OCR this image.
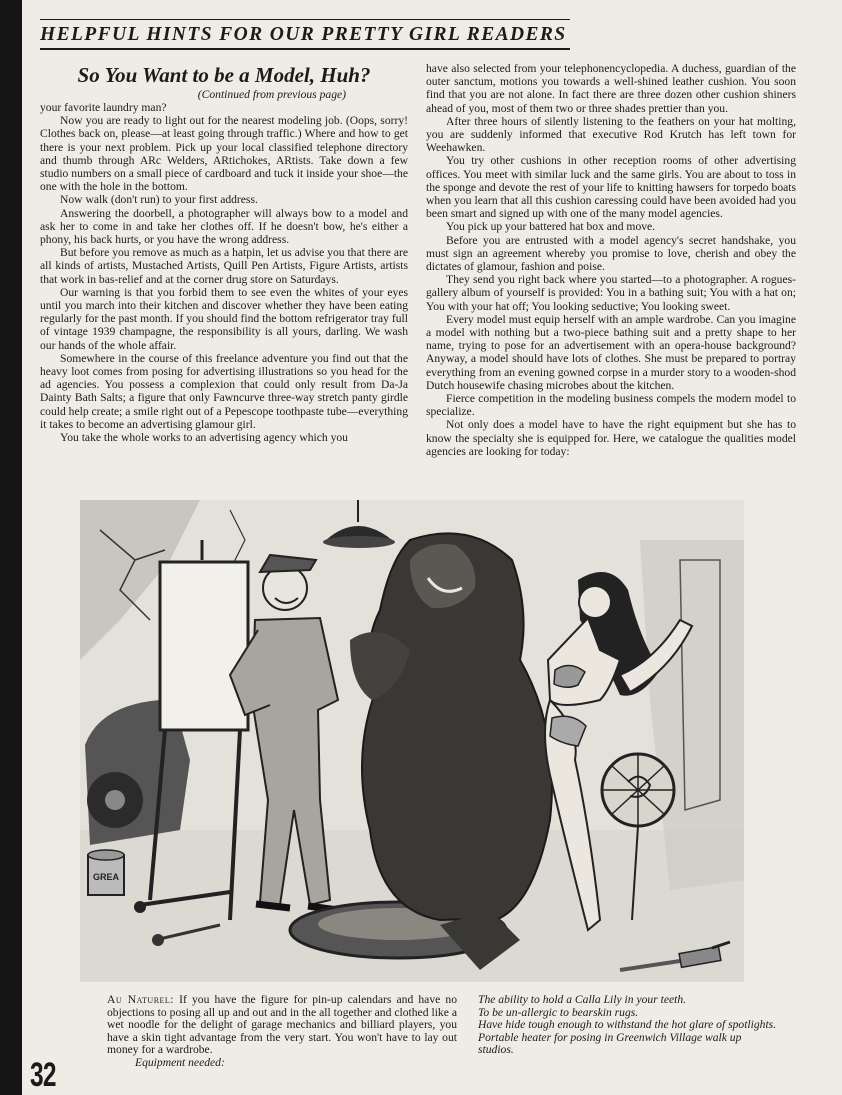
HELPFUL HINTS FOR OUR PRETTY GIRL READERS
So You Want to be a Model, Huh?
(Continued from previous page)

your favorite laundry man?

Now you are ready to light out for the nearest modeling job. (Oops, sorry! Clothes back on, please—at least going through traffic.) Where and how to get there is your next problem. Pick up your local classified telephone directory and thumb through ARc Welders, ARtichokes, ARtists. Take down a few studio numbers on a small piece of cardboard and tuck it inside your shoe—the one with the hole in the bottom.

Now walk (don't run) to your first address.

Answering the doorbell, a photographer will always bow to a model and ask her to come in and take her clothes off. If he doesn't bow, he's either a phony, his back hurts, or you have the wrong address.

But before you remove as much as a hatpin, let us advise you that there are all kinds of artists, Mustached Artists, Quill Pen Artists, Figure Artists, artists that work in bas-relief and at the corner drug store on Saturdays.

Our warning is that you forbid them to see even the whites of your eyes until you march into their kitchen and discover whether they have been eating regularly for the past month. If you should find the bottom refrigerator tray full of vintage 1939 champagne, the responsibility is all yours, darling. We wash our hands of the whole affair.

Somewhere in the course of this freelance adventure you find out that the heavy loot comes from posing for advertising illustrations so you head for the ad agencies. You possess a complexion that could only result from Da-Ja Dainty Bath Salts; a figure that only Fawncurve three-way stretch panty girdle could help create; a smile right out of a Pepescope toothpaste tube—everything it takes to become an advertising glamour girl.

You take the whole works to an advertising agency which you

have also selected from your telephonencyclopedia. A duchess, guardian of the outer sanctum, motions you towards a well-shined leather cushion. You soon find that you are not alone. In fact there are three dozen other cushion shiners ahead of you, most of them two or three shades prettier than you.

After three hours of silently listening to the feathers on your hat molting, you are suddenly informed that executive Rod Krutch has left town for Weehawken.

You try other cushions in other reception rooms of other advertising offices. You meet with similar luck and the same girls. You are about to toss in the sponge and devote the rest of your life to knitting hawsers for torpedo boats when you learn that all this cushion caressing could have been avoided had you been smart and signed up with one of the many model agencies.

You pick up your battered hat box and move.

Before you are entrusted with a model agency's secret handshake, you must sign an agreement whereby you promise to love, cherish and obey the dictates of glamour, fashion and poise.

They send you right back where you started—to a photographer. A rogues-gallery album of yourself is provided: You in a bathing suit; You with a hat on; You with your hat off; You looking seductive; You looking sweet.

Every model must equip herself with an ample wardrobe. Can you imagine a model with nothing but a two-piece bathing suit and a pretty shape to her name, trying to pose for an advertisement with an opera-house background? Anyway, a model should have lots of clothes. She must be prepared to portray everything from an evening gowned corpse in a murder story to a wooden-shod Dutch housewife chasing microbes about the kitchen.

Fierce competition in the modeling business compels the modern model to specialize.

Not only does a model have to have the right equipment but she has to know the specialty she is equipped for. Here, we catalogue the qualities model agencies are looking for today:

GREA

Au Naturel: If you have the figure for pin-up calendars and have no objections to posing all up and out and in the all together and clothed like a wet noodle for the delight of garage mechanics and billiard players, you have a skin tight advantage from the very start. You won't have to lay out money for a wardrobe.

Equipment needed:

The ability to hold a Calla Lily in your teeth.

To be un-allergic to bearskin rugs.

Have hide tough enough to withstand the hot glare of spotlights.

Portable heater for posing in Greenwich Village walk up studios.

32
